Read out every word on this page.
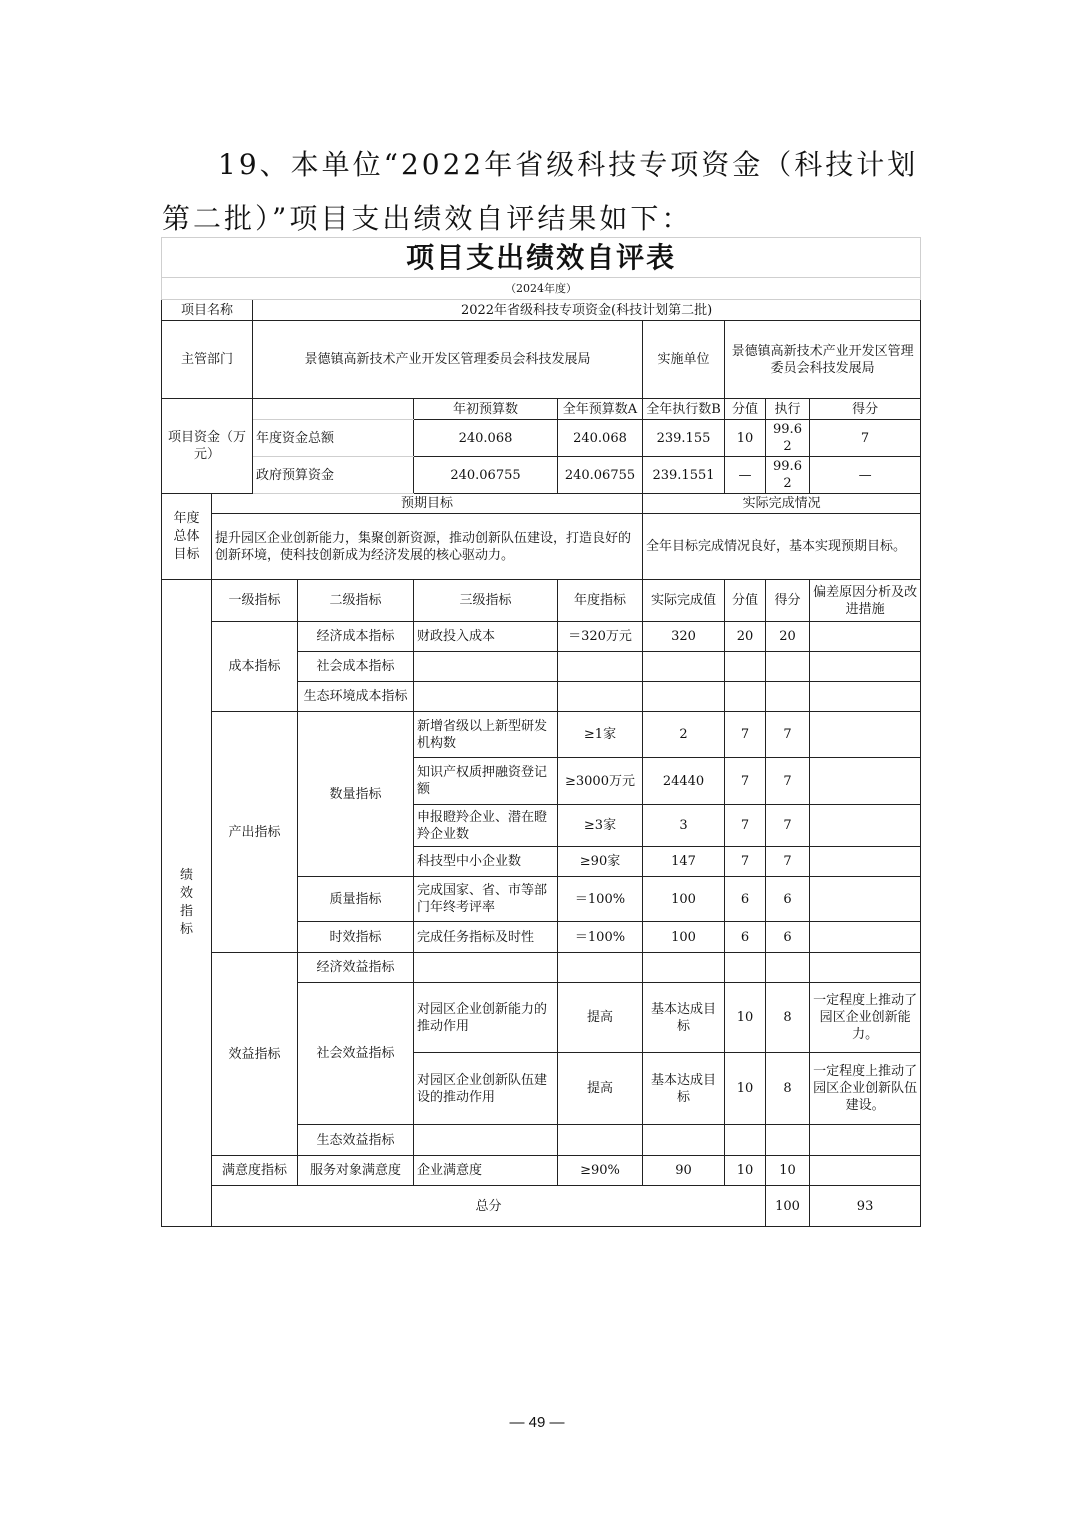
19、本单位“2022年省级科技专项资金（科技计划第二批）”项目支出绩效自评结果如下：

项目支出绩效自评表										
（2024年度）										
项目名称		2022年省级科技专项资金(科技计划第二批)								
主管部门		景德镇高新技术产业开发区管理委员会科技发展局				实施单位	景德镇高新技术产业开发区管理委员会科技发展局			
项目资金（万元）				年初预算数	全年预算数A	全年执行数B	分值	执行	得分	
		年度资金总额		240.068	240.068	239.155	10	99.62	7	
		政府预算资金		240.06755	240.06755	239.1551	—	99.62	—	

年度总体目标	预期目标					实际完成情况				
	提升园区企业创新能力，集聚创新资源，推动创新队伍建设，打造良好的创新环境，使科技创新成为经济发展的核心驱动力。					全年目标完成情况良好，基本实现预期目标。				

绩效指标	一级指标		二级指标	三级指标	年度指标	实际完成值	分值	得分	偏差原因分析及改进措施	
	成本指标		经济成本指标	财政投入成本	＝320万元	320	20	20		
			社会成本指标							
			生态环境成本指标							
	产出指标		数量指标	新增省级以上新型研发机构数	≥1家	2	7	7		
				知识产权质押融资登记额	≥3000万元	24440	7	7		
				申报瞪羚企业、潜在瞪羚企业数	≥3家	3	7	7		
				科技型中小企业数	≥90家	147	7	7		
			质量指标	完成国家、省、市等部门年终考评率	＝100%	100	6	6		
			时效指标	完成任务指标及时性	＝100%	100	6	6		
	效益指标		经济效益指标							
			社会效益指标	对园区企业创新能力的推动作用	提高	基本达成目标	10	8	一定程度上推动了园区企业创新能力。	
				对园区企业创新队伍建设的推动作用	提高	基本达成目标	10	8	一定程度上推动了园区企业创新队伍建设。	
			生态效益指标							
	满意度指标		服务对象满意度	企业满意度	≥90%	90	10	10		
	总分							100	93	
— 49 —
